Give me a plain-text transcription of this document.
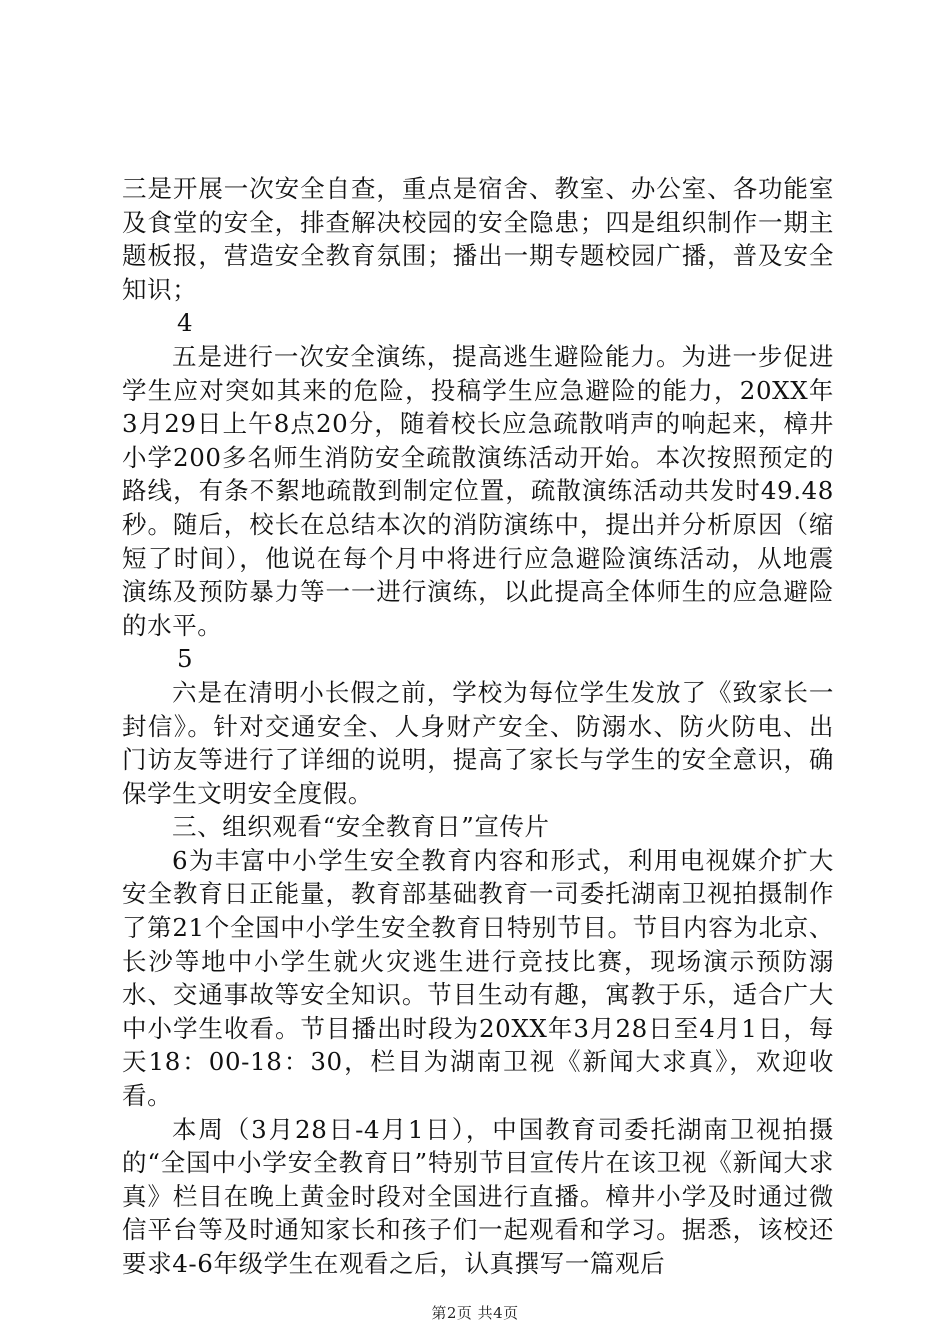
三是开展一次安全自查，重点是宿舍、教室、办公室、各功能室及食堂的安全，排查解决校园的安全隐患；四是组织制作一期主题板报，营造安全教育氛围；播出一期专题校园广播，普及安全知识；

4

五是进行一次安全演练，提高逃生避险能力。为进一步促进学生应对突如其来的危险，投稿学生应急避险的能力，20XX年3月29日上午8点20分，随着校长应急疏散哨声的响起来，樟井小学200多名师生消防安全疏散演练活动开始。本次按照预定的路线，有条不絮地疏散到制定位置，疏散演练活动共发时49.48秒。随后，校长在总结本次的消防演练中，提出并分析原因（缩短了时间），他说在每个月中将进行应急避险演练活动，从地震演练及预防暴力等一一进行演练，以此提高全体师生的应急避险的水平。

5

六是在清明小长假之前，学校为每位学生发放了《致家长一封信》。针对交通安全、人身财产安全、防溺水、防火防电、出门访友等进行了详细的说明，提高了家长与学生的安全意识，确保学生文明安全度假。

三、组织观看“安全教育日”宣传片

6为丰富中小学生安全教育内容和形式，利用电视媒介扩大安全教育日正能量，教育部基础教育一司委托湖南卫视拍摄制作了第21个全国中小学生安全教育日特别节目。节目内容为北京、长沙等地中小学生就火灾逃生进行竞技比赛，现场演示预防溺水、交通事故等安全知识。节目生动有趣，寓教于乐，适合广大中小学生收看。节目播出时段为20XX年3月28日至4月1日，每天18：00-18：30，栏目为湖南卫视《新闻大求真》，欢迎收看。

本周（3月28日-4月1日），中国教育司委托湖南卫视拍摄的“全国中小学安全教育日”特别节目宣传片在该卫视《新闻大求真》栏目在晚上黄金时段对全国进行直播。樟井小学及时通过微信平台等及时通知家长和孩子们一起观看和学习。据悉，该校还要求4-6年级学生在观看之后，认真撰写一篇观后

第2页 共4页
